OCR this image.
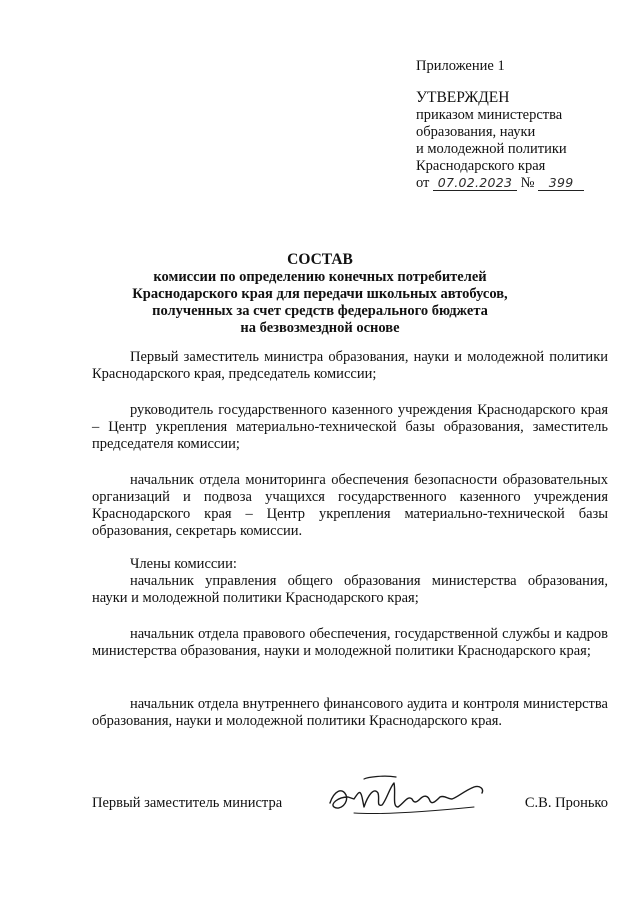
Приложение 1
УТВЕРЖДЕН
приказом министерства
образования, науки
и молодежной политики
Краснодарского края
от 07.02.2023 № 399
СОСТАВ
комиссии по определению конечных потребителей
Краснодарского края для передачи школьных автобусов,
полученных за счет средств федерального бюджета
на безвозмездной основе
Первый заместитель министра образования, науки и молодежной политики Краснодарского края, председатель комиссии;
руководитель государственного казенного учреждения Краснодарского края – Центр укрепления материально-технической базы образования, заместитель председателя комиссии;
начальник отдела мониторинга обеспечения безопасности образовательных организаций и подвоза учащихся государственного казенного учреждения Краснодарского края – Центр укрепления материально-технической базы образования, секретарь комиссии.
Члены комиссии:
начальник управления общего образования министерства образования, науки и молодежной политики Краснодарского края;
начальник отдела правового обеспечения, государственной службы и кадров министерства образования, науки и молодежной политики Краснодарского края;
начальник отдела внутреннего финансового аудита и контроля министерства образования, науки и молодежной политики Краснодарского края.
Первый заместитель министра	С.В. Пронько
